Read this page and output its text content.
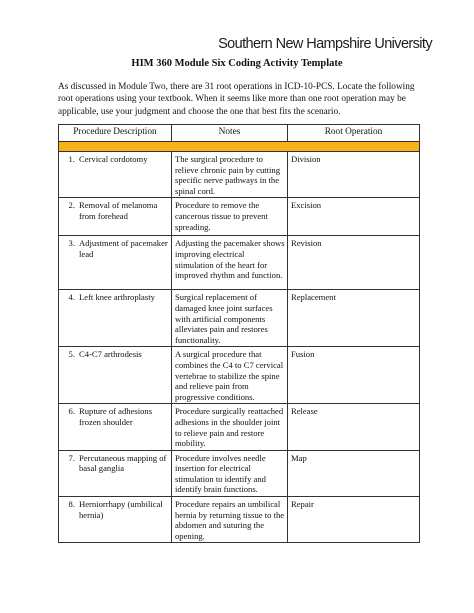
Southern New Hampshire University
HIM 360 Module Six Coding Activity Template
As discussed in Module Two, there are 31 root operations in ICD-10-PCS. Locate the following root operations using your textbook. When it seems like more than one root operation may be applicable, use your judgment and choose the one that best fits the scenario.
Procedure Description	Notes	Root Operation

1. Cervical cordotomy	The surgical procedure to relieve chronic pain by cutting specific nerve pathways in the spinal cord.	Division

2. Removal of melanoma from forehead	Procedure to remove the cancerous tissue to prevent spreading.	Excision

3. Adjustment of pacemaker lead	Adjusting the pacemaker shows improving electrical stimulation of the heart for improved rhythm and function.	Revision

4. Left knee arthroplasty	Surgical replacement of damaged knee joint surfaces with artificial components alleviates pain and restores functionality.	Replacement

5. C4-C7 arthrodesis	A surgical procedure that combines the C4 to C7 cervical vertebrae to stabilize the spine and relieve pain from progressive conditions.	Fusion

6. Rupture of adhesions frozen shoulder	Procedure surgically reattached adhesions in the shoulder joint to relieve pain and restore mobility.	Release

7. Percutaneous mapping of basal ganglia	Procedure involves needle insertion for electrical stimulation to identify and identify brain functions.	Map

8. Herniorrhapy (umbilical hernia)	Procedure repairs an umbilical hernia by returning tissue to the abdomen and suturing the opening.	Repair
